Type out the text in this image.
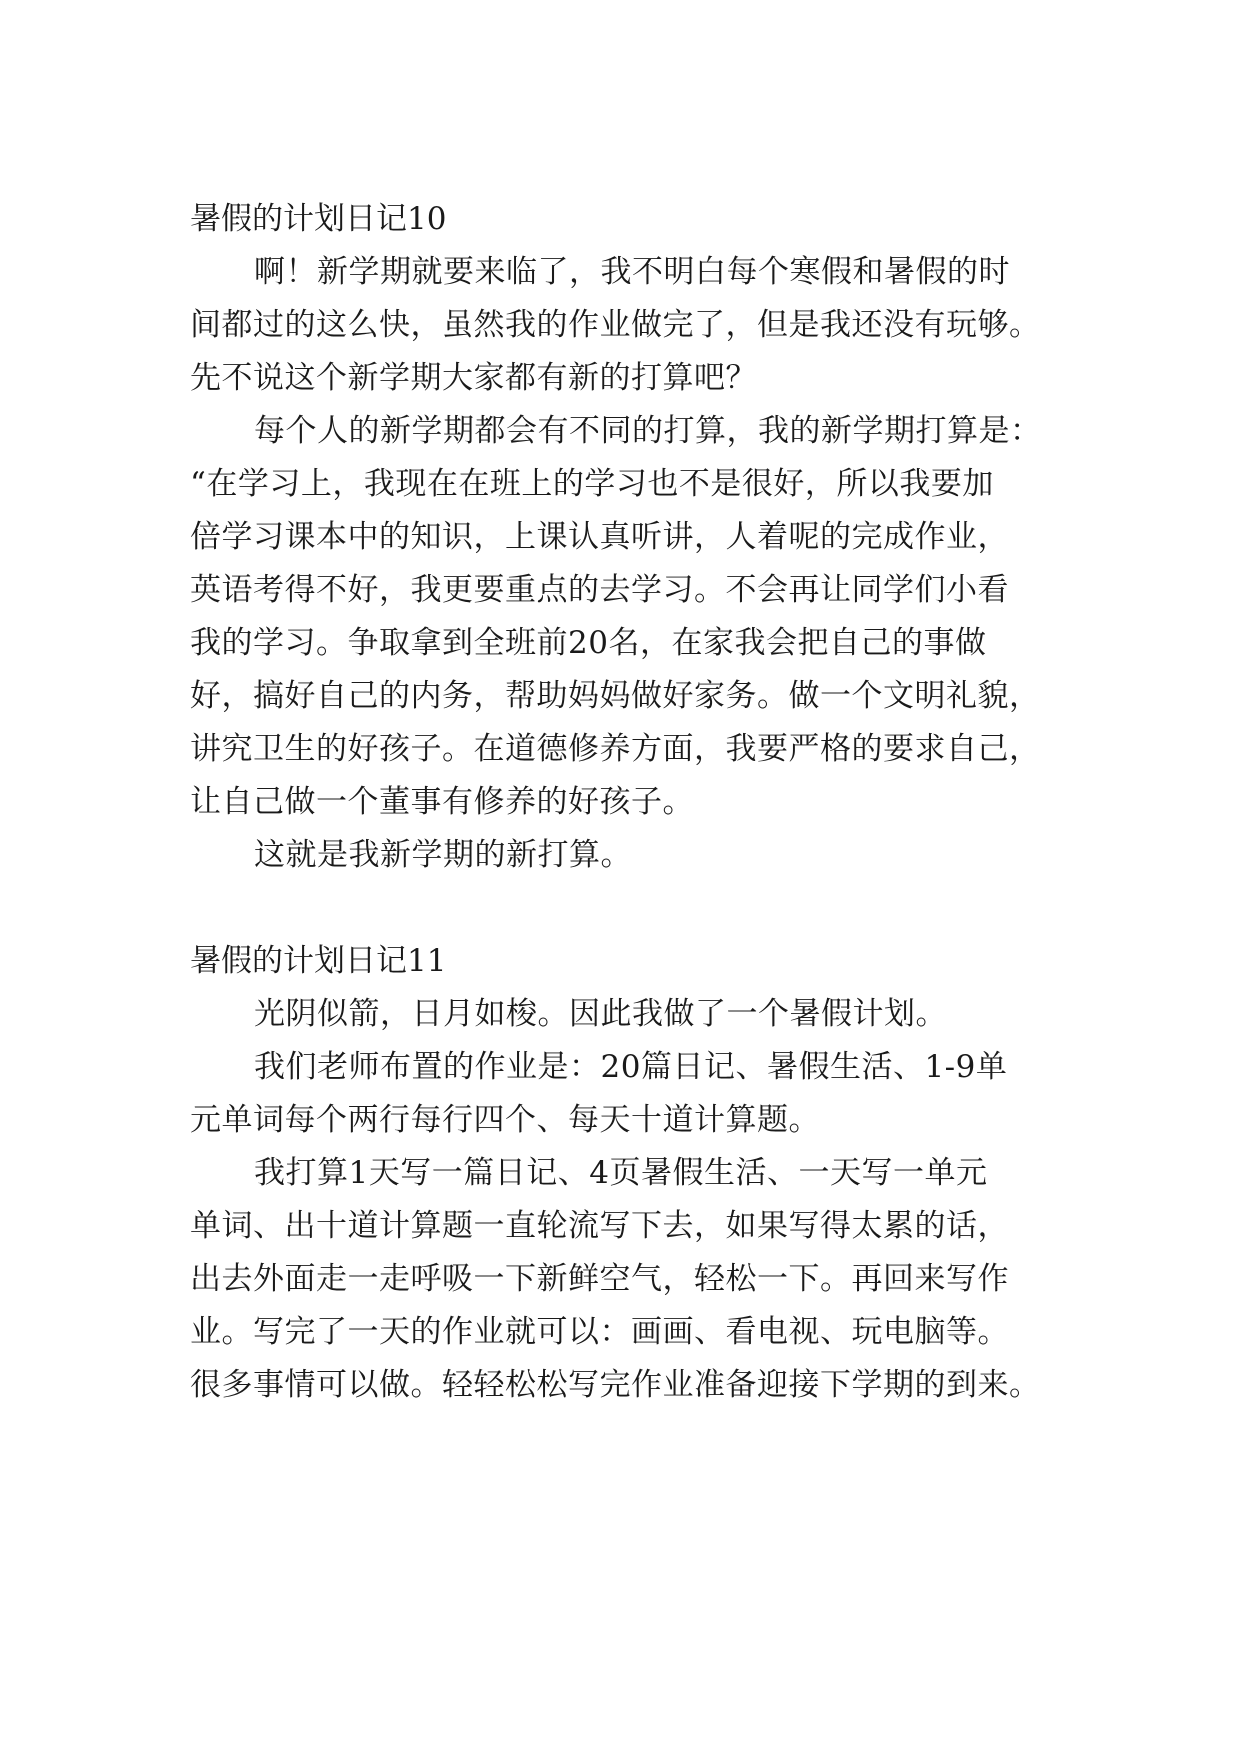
暑假的计划日记10
啊！新学期就要来临了，我不明白每个寒假和暑假的时
间都过的这么快，虽然我的作业做完了，但是我还没有玩够。
先不说这个新学期大家都有新的打算吧？
每个人的新学期都会有不同的打算，我的新学期打算是：
“在学习上，我现在在班上的学习也不是很好，所以我要加
倍学习课本中的知识，上课认真听讲，人着呢的完成作业，
英语考得不好，我更要重点的去学习。不会再让同学们小看
我的学习。争取拿到全班前20名，在家我会把自己的事做
好，搞好自己的内务，帮助妈妈做好家务。做一个文明礼貌，
讲究卫生的好孩子。在道德修养方面，我要严格的要求自己，
让自己做一个董事有修养的好孩子。
这就是我新学期的新打算。
暑假的计划日记11
光阴似箭，日月如梭。因此我做了一个暑假计划。
我们老师布置的作业是：20篇日记、暑假生活、1-9单
元单词每个两行每行四个、每天十道计算题。
我打算1天写一篇日记、4页暑假生活、一天写一单元
单词、出十道计算题一直轮流写下去，如果写得太累的话，
出去外面走一走呼吸一下新鲜空气，轻松一下。再回来写作
业。写完了一天的作业就可以：画画、看电视、玩电脑等。
很多事情可以做。轻轻松松写完作业准备迎接下学期的到来。
